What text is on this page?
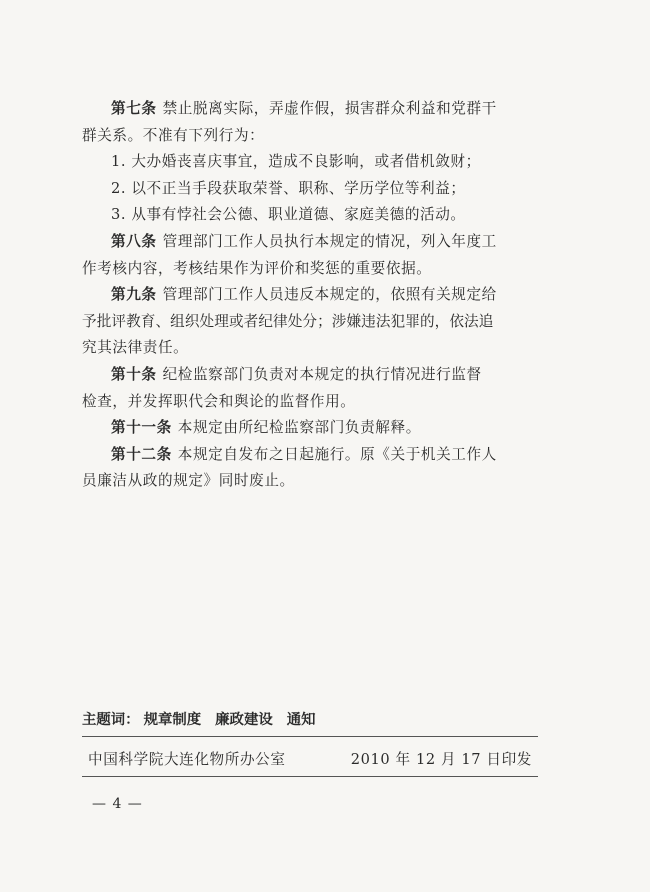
第七条 禁止脱离实际，弄虚作假，损害群众利益和党群干
群关系。不准有下列行为：
1. 大办婚丧喜庆事宜，造成不良影响，或者借机敛财；
2. 以不正当手段获取荣誉、职称、学历学位等利益；
3. 从事有悖社会公德、职业道德、家庭美德的活动。
第八条 管理部门工作人员执行本规定的情况，列入年度工
作考核内容，考核结果作为评价和奖惩的重要依据。
第九条 管理部门工作人员违反本规定的，依照有关规定给
予批评教育、组织处理或者纪律处分；涉嫌违法犯罪的，依法追
究其法律责任。
第十条 纪检监察部门负责对本规定的执行情况进行监督
检查，并发挥职代会和舆论的监督作用。
第十一条 本规定由所纪检监察部门负责解释。
第十二条 本规定自发布之日起施行。原《关于机关工作人
员廉洁从政的规定》同时废止。
主题词： 规章制度 廉政建设 通知
中国科学院大连化物所办公室	2010 年 12 月 17 日印发
— 4 —
